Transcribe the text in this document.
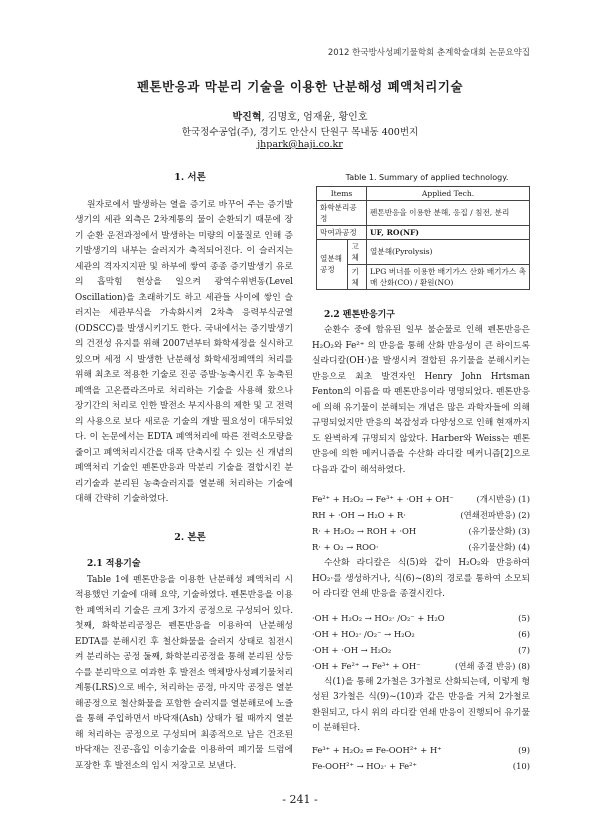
2012 한국방사성폐기물학회 춘계학술대회 논문요약집
펜톤반응과 막분리 기술을 이용한 난분해성 폐액처리기술
박진혁, 김명호, 엄재윤, 황인호
한국정수공업(주), 경기도 안산시 단원구 목내동 400번지
jhpark@haji.co.kr

1. 서론

원자로에서 발생하는 열을 증기로 바꾸어 주는 증기발생기의 세관 외측은 2차계통의 물이 순환되기 때문에 장기 순환 운전과정에서 발생하는 미량의 이물질로 인해 증기발생기의 내부는 슬러지가 축적되어진다. 이 슬러지는 세관의 격자지지판 및 하부에 쌓여 종종 증기발생기 유로의 흡막힘 현상을 일으켜 광역수위변동(Level Oscillation)을 초래하기도 하고 세관들 사이에 쌓인 슬러지는 세관부식을 가속화시켜 2차측 응력부식균열(ODSCC)를 발생시키기도 한다. 국내에서는 증기발생기의 건전성 유지를 위해 2007년부터 화학세정을 실시하고 있으며 세정 시 발생한 난분해성 화학세정폐액의 처리를 위해 최초로 적용한 기술로 진공 증발·농축시킨 후 농축된 폐액을 고온플라즈마로 처리하는 기술을 사용해 왔으나 장기간의 처리로 인한 발전소 부지사용의 제한 및 고 전력의 사용으로 보다 새로운 기술의 개발 필요성이 대두되었다. 이 논문에서는 EDTA 폐액처리에 따른 전력소모량을 줄이고 폐액처리시간을 대폭 단축시킬 수 있는 신 개념의 폐액처리 기술인 펜톤반응과 막분리 기술을 결합시킨 분리기술과 분리된 농축슬러지를 열분해 처리하는 기술에 대해 간략히 기술하였다.

2. 본론

2.1 적용기술

Table 1에 펜톤반응을 이용한 난분해성 폐액처리 시 적용했던 기술에 대해 요약, 기술하였다. 펜톤반응을 이용한 폐액처리 기술은 크게 3가지 공정으로 구성되어 있다. 첫째, 화학분리공정은 펜톤반응을 이용하여 난분해성 EDTA를 분해시킨 후 철산화물을 슬러지 상태로 침전시켜 분리하는 공정 둘째, 화학분리공정을 통해 분리된 상등수를 분리막으로 여과한 후 발전소 액체방사성폐기물처리계통(LRS)으로 배수, 처리하는 공정, 마지막 공정은 열분해공정으로 철산화물을 포함한 슬러지를 열분해로에 노즐을 통해 주입하면서 바닥재(Ash) 상태가 될 때까지 열분해 처리하는 공정으로 구성되며 최종적으로 남은 건조된 바닥재는 진공-흡입 이송기술을 이용하여 폐기물 드럼에 포장한 후 발전소의 임시 저장고로 보낸다.

Table 1. Summary of applied technology.

Items		Applied Tech.
화학분리공정		펜톤반응을 이용한 분해, 응집 / 침전, 분리
막여과공정		UF, RO(NF)
열분해공정	고체	열분해(Pyrolysis)
	기체	LPG 버너를 이용한 배기가스 산화 배기가스 촉매 산화(CO) / 환원(NO)

2.2 펜톤반응기구

순환수 중에 함유된 일부 불순물로 인해 펜톤반응은 H₂O₂와 Fe²⁺ 의 반응을 통해 산화 반응성이 큰 하이드록실라디칼(OH·)을 발생시켜 결합된 유기물을 분해시키는 반응으로 최초 발견자인 Henry John Hrtsman Fenton의 이름을 따 펜톤반응이라 명명되었다. 펜톤반응에 의해 유기물이 분해되는 개념은 많은 과학자들에 의해 규명되었지만 반응의 복잡성과 다양성으로 인해 현재까지도 완벽하게 규명되지 않았다. Harber와 Weiss는 펜톤반응에 의한 메커니즘을 수산화 라디칼 메커니즘[2]으로 다음과 같이 해석하였다.

Fe²⁺ + H₂O₂ → Fe³⁺ + ·OH + OH⁻	(개시반응) (1)
RH + ·OH → H₂O + R·	(연쇄전파반응) (2)
R· + H₂O₂ → ROH + ·OH	(유기물산화) (3)
R· + O₂ → ROO·	(유기물산화) (4)

수산화 라디칼은 식(5)와 같이 H₂O₂와 반응하여 HO₂·를 생성하거나, 식(6)~(8)의 경로를 통하여 소모되어 라디칼 연쇄 반응을 종결시킨다.

·OH + H₂O₂ → HO₂· /O₂⁻ + H₂O	(5)
·OH + HO₂· /O₂⁻ → H₂O₂	(6)
·OH + ·OH → H₂O₂	(7)
·OH + Fe²⁺ → Fe³⁺ + OH⁻	(연쇄 종결 반응) (8)

식(1)을 통해 2가철은 3가철로 산화되는데, 이렇게 형성된 3가철은 식(9)~(10)과 같은 반응을 거쳐 2가철로 환원되고, 다시 위의 라디칼 연쇄 반응이 진행되어 유기물이 분해된다.

Fe³⁺ + H₂O₂ ⇌ Fe-OOH²⁺ + H⁺	(9)
Fe-OOH²⁺ → HO₂· + Fe²⁺	(10)
- 241 -
